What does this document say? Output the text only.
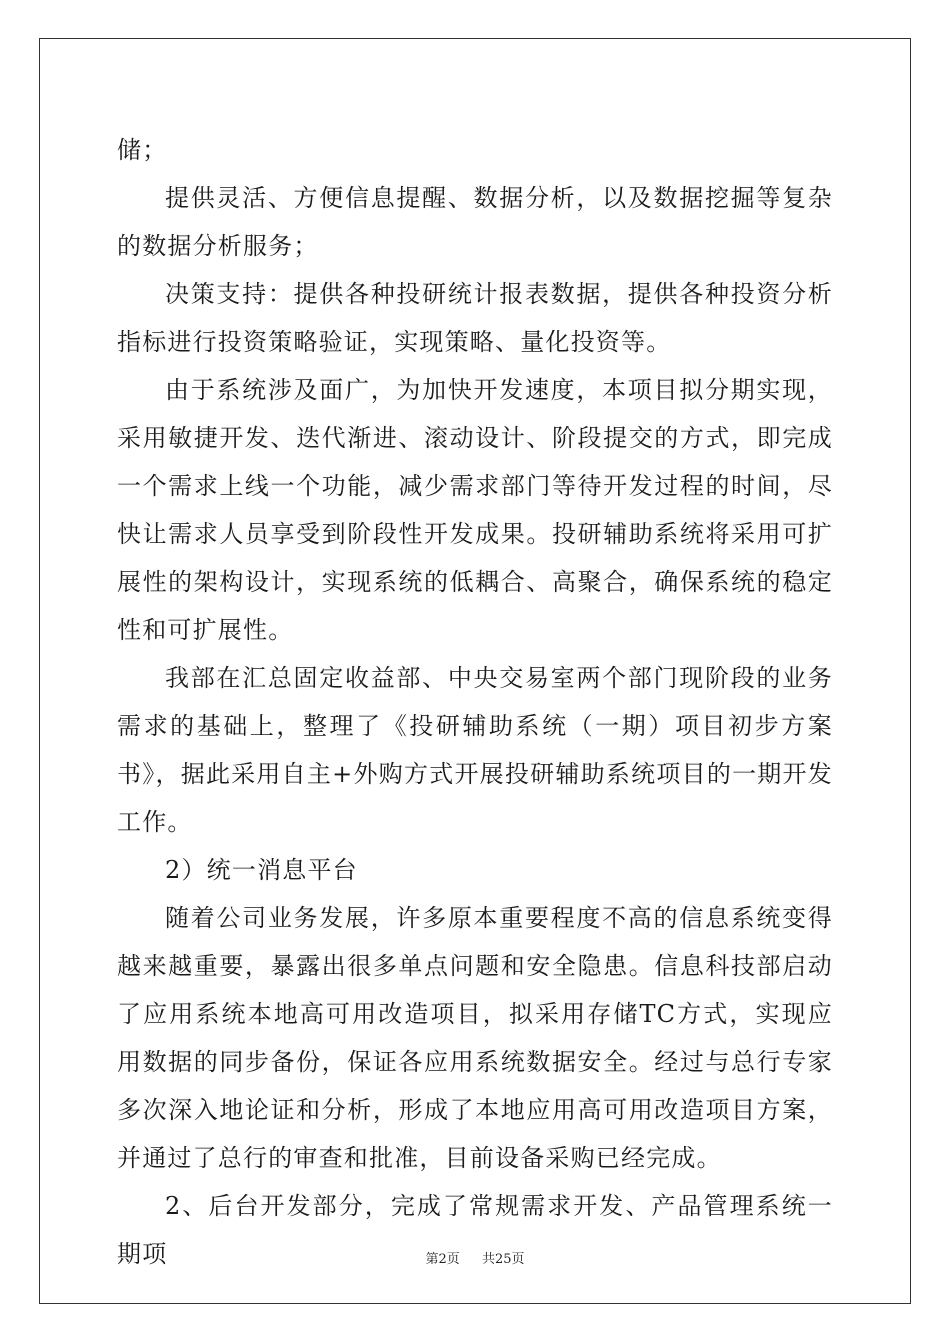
储；

提供灵活、方便信息提醒、数据分析，以及数据挖掘等复杂的数据分析服务；

决策支持：提供各种投研统计报表数据，提供各种投资分析指标进行投资策略验证，实现策略、量化投资等。

由于系统涉及面广，为加快开发速度，本项目拟分期实现，采用敏捷开发、迭代渐进、滚动设计、阶段提交的方式，即完成一个需求上线一个功能，减少需求部门等待开发过程的时间，尽快让需求人员享受到阶段性开发成果。投研辅助系统将采用可扩展性的架构设计，实现系统的低耦合、高聚合，确保系统的稳定性和可扩展性。

我部在汇总固定收益部、中央交易室两个部门现阶段的业务需求的基础上，整理了《投研辅助系统（一期）项目初步方案书》，据此采用自主+外购方式开展投研辅助系统项目的一期开发工作。

2）统一消息平台

随着公司业务发展，许多原本重要程度不高的信息系统变得越来越重要，暴露出很多单点问题和安全隐患。信息科技部启动了应用系统本地高可用改造项目，拟采用存储TC方式，实现应用数据的同步备份，保证各应用系统数据安全。经过与总行专家多次深入地论证和分析，形成了本地应用高可用改造项目方案，并通过了总行的审查和批准，目前设备采购已经完成。

2、后台开发部分，完成了常规需求开发、产品管理系统一期项	第2页 共25页
